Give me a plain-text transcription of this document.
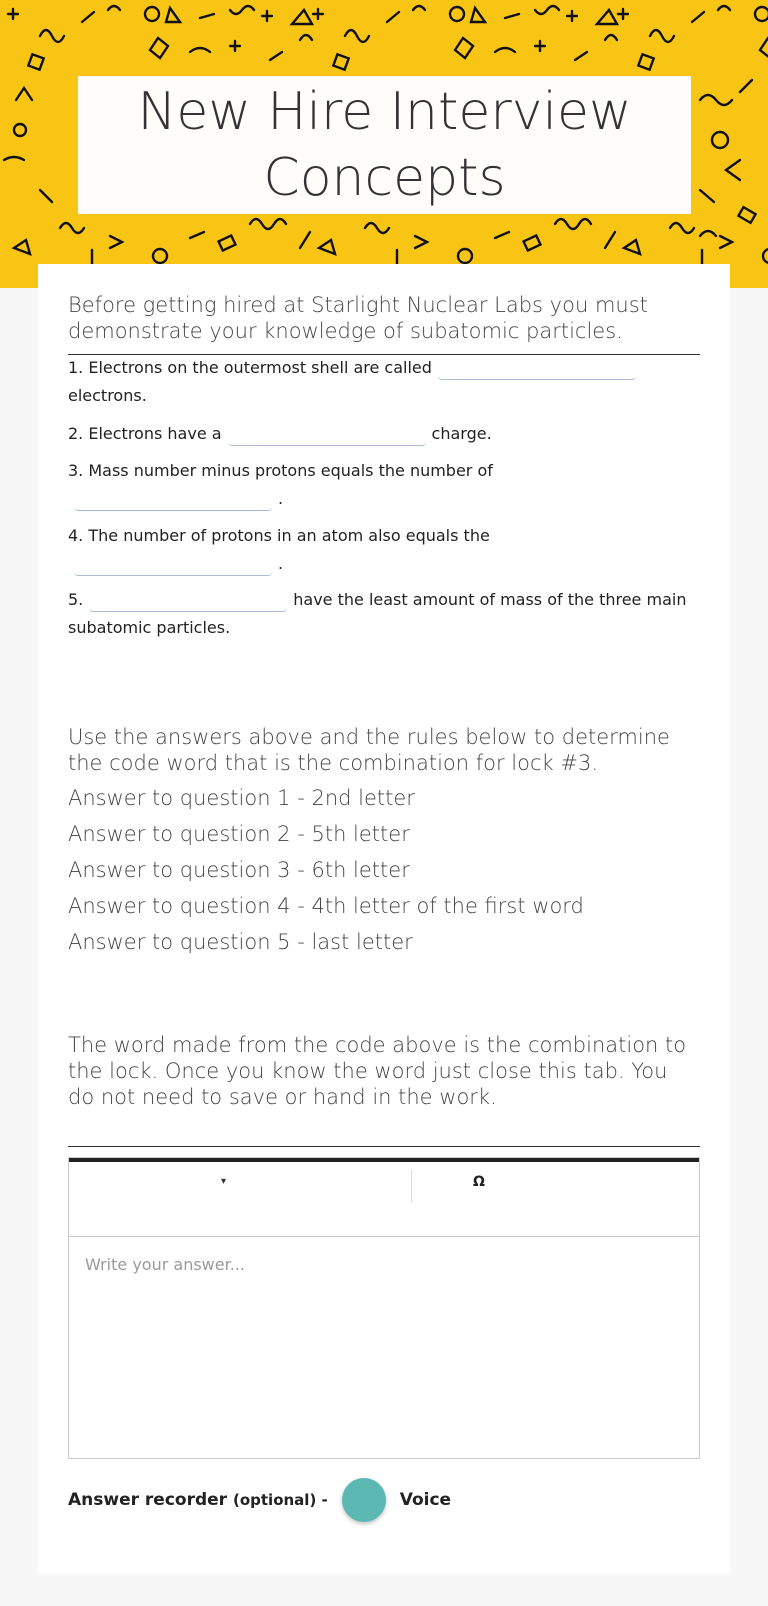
New Hire Interview
Concepts
Before getting hired at Starlight Nuclear Labs you must demonstrate your knowledge of subatomic particles.
1. Electrons on the outermost shell are called
electrons.
2. Electrons have a	charge.
3. Mass number minus protons equals the number of
.
4. The number of protons in an atom also equals the
.
5.	have the least amount of mass of the three main subatomic particles.
Use the answers above and the rules below to determine the code word that is the combination for lock #3.
Answer to question 1 - 2nd letter
Answer to question 2 - 5th letter
Answer to question 3 - 6th letter
Answer to question 4 - 4th letter of the first word
Answer to question 5 - last letter
The word made from the code above is the combination to the lock. Once you know the word just close this tab. You do not need to save or hand in the work.
▾	Ω
Write your answer...
Answer recorder
(optional) -	Voice
